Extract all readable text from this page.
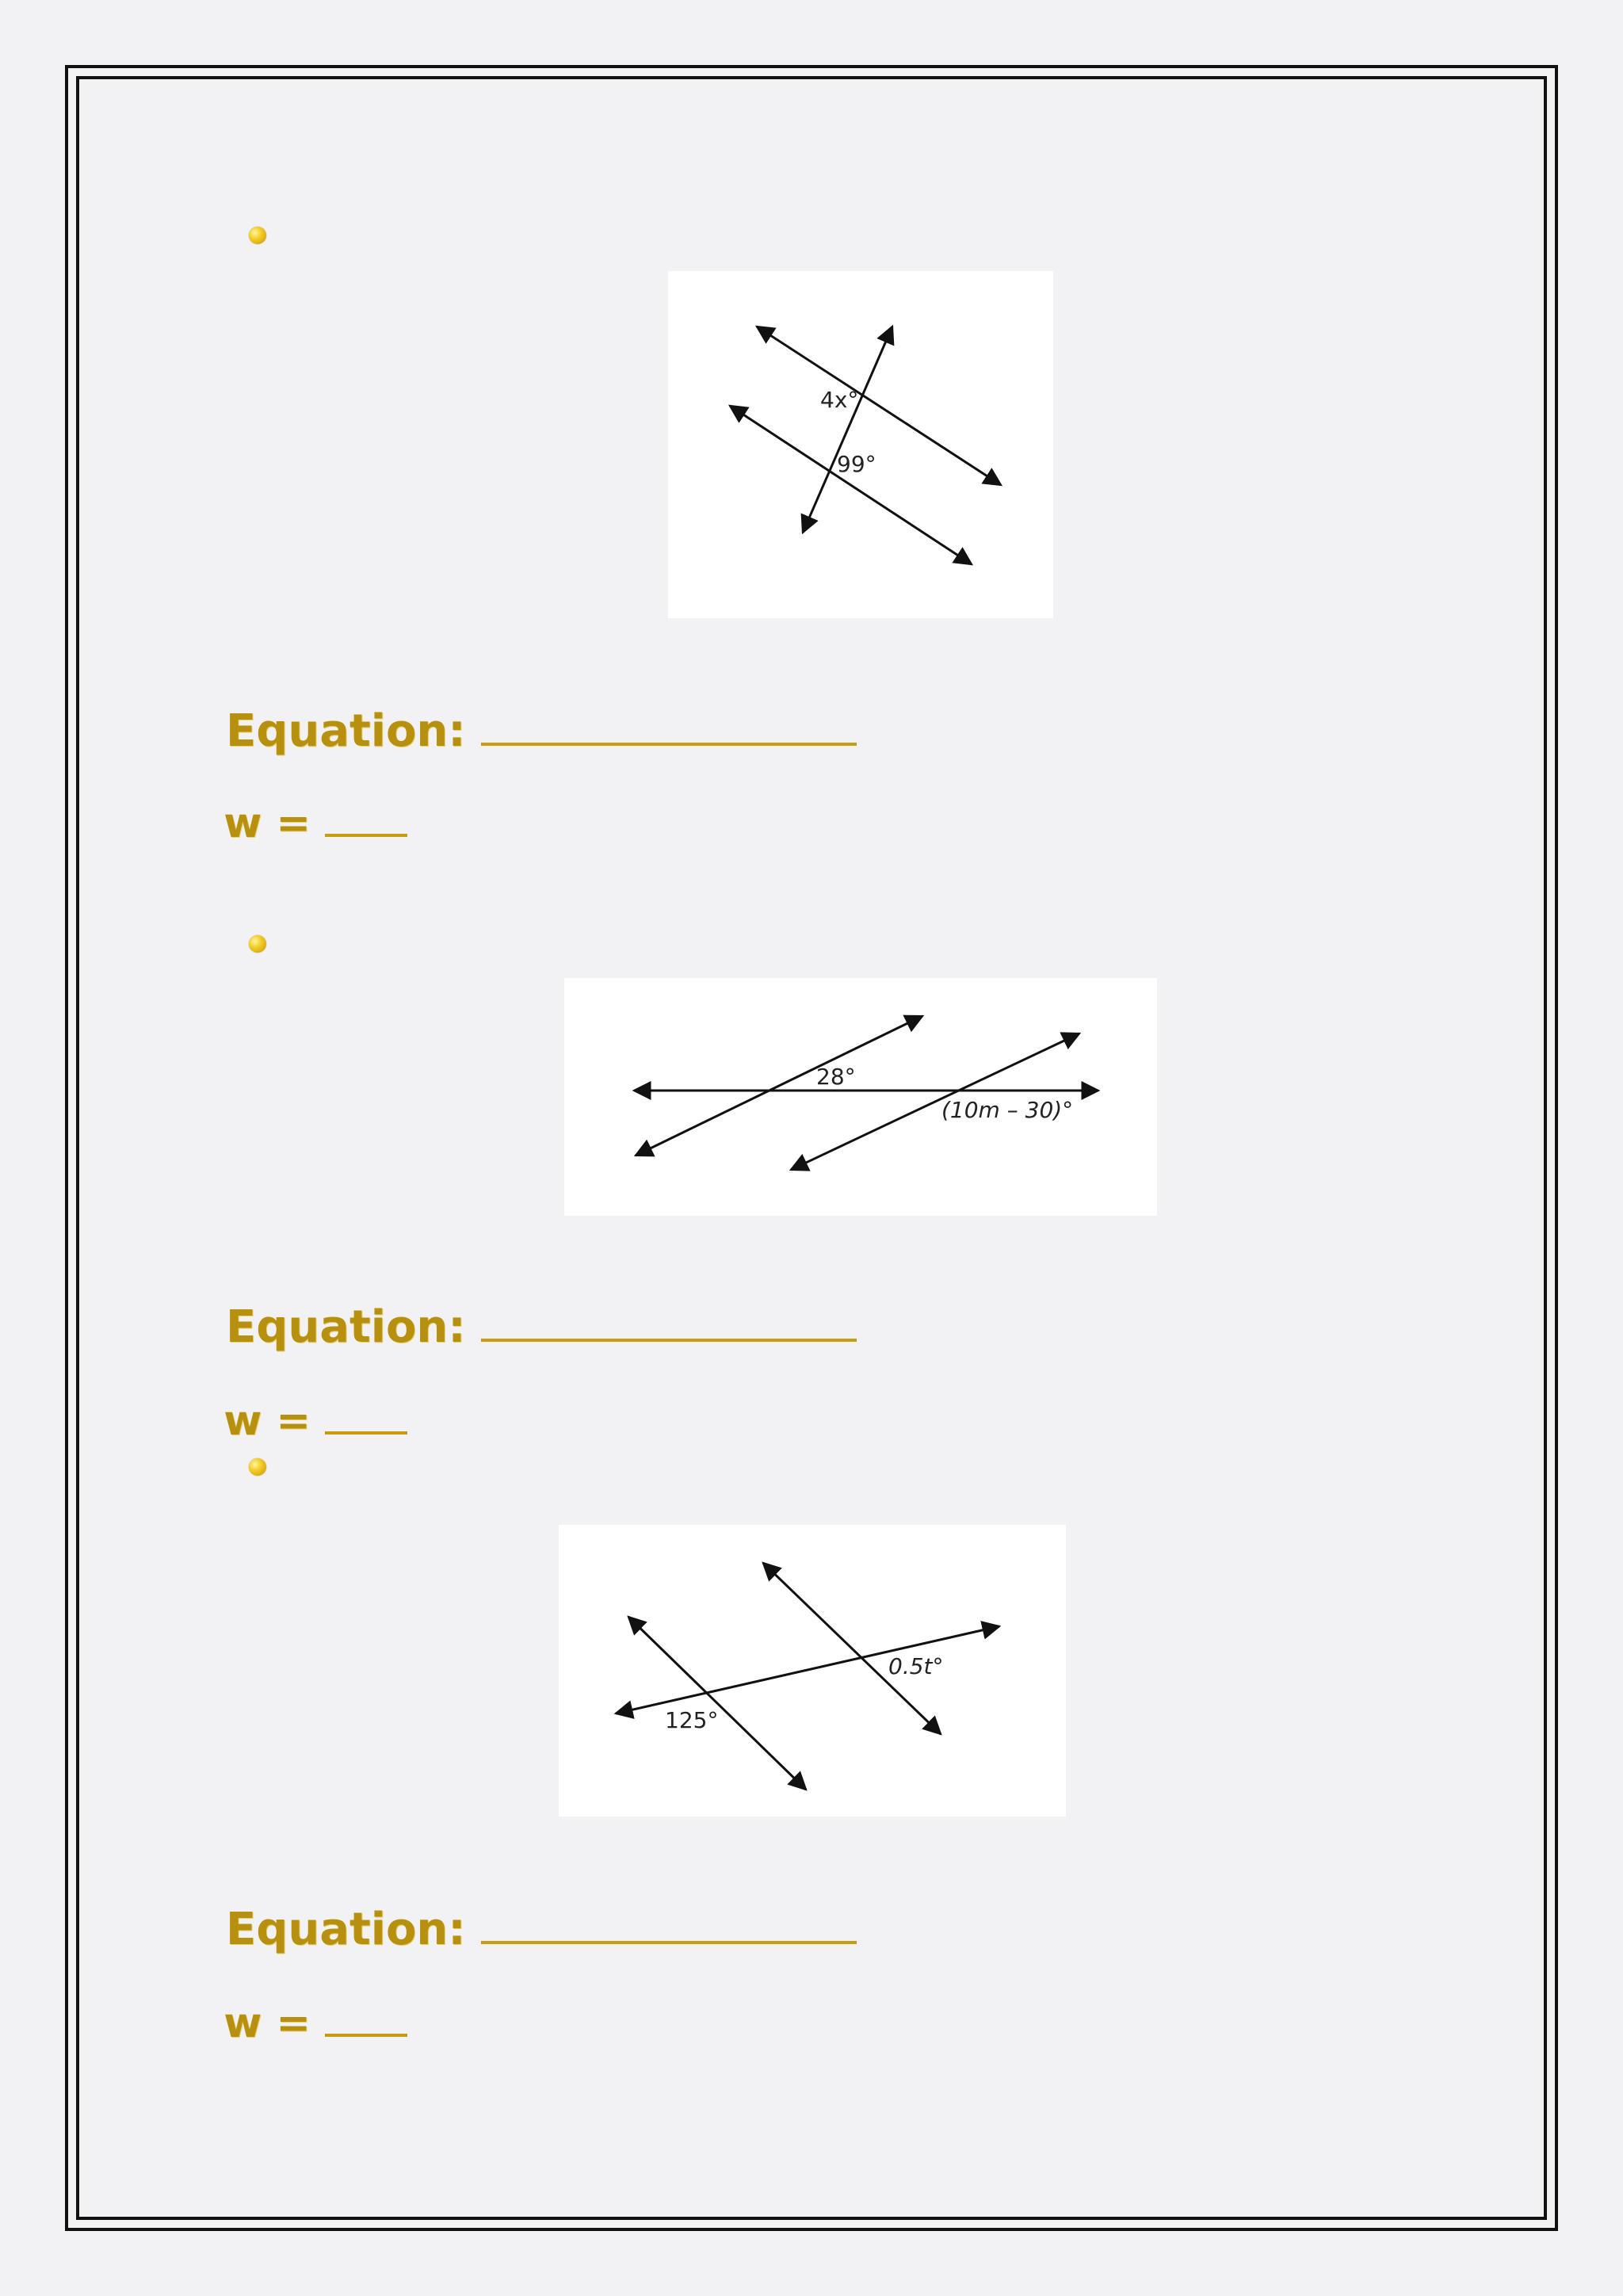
4x°
99°

Equation:

w =

28°
(10m – 30)°

Equation:

w =

0.5t°
125°

Equation:

w =
